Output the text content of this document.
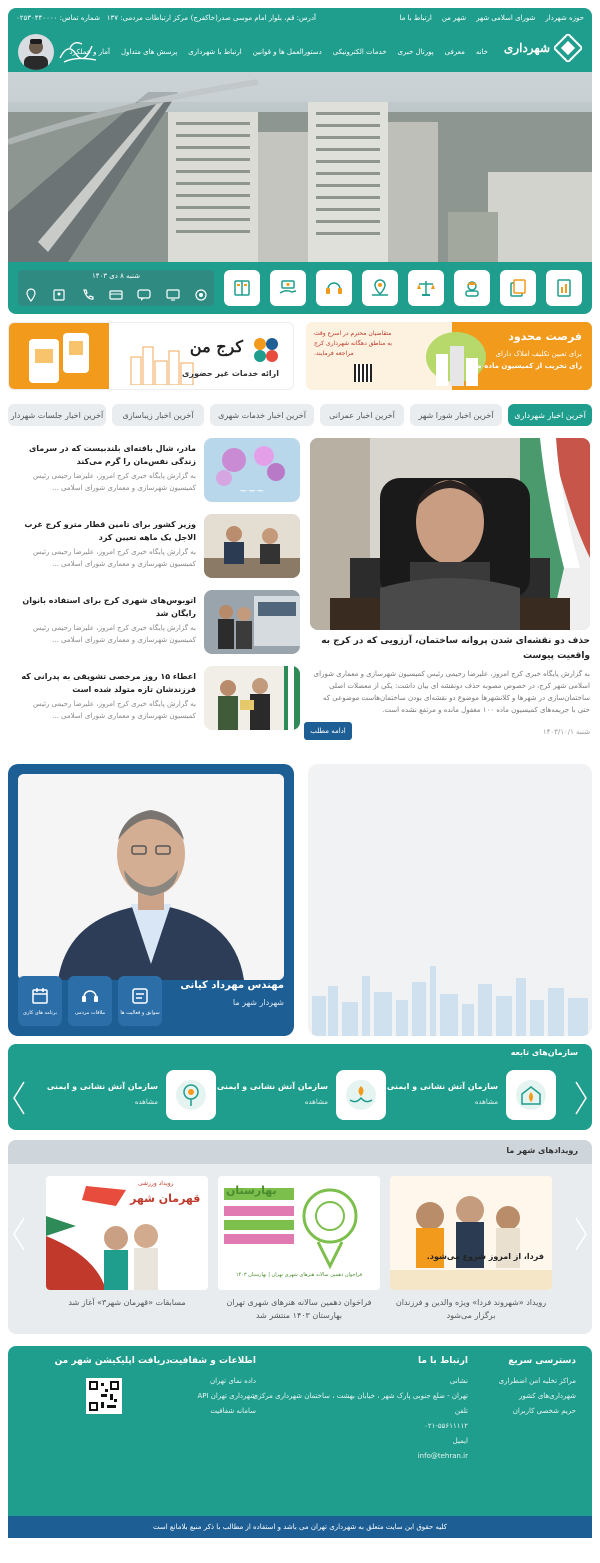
حوزه شهردار
شورای اسلامی شهر
شهر من
ارتباط با ما
آدرس: قم، بلوار امام موسی صدر(خاکفرج)
مرکز ارتباطات مردمی: ۱۳۷
شماره تماس: ۰۲۵۳۰۴۴۰۰۰۰
شهرداری
خانه
معرفی
پورتال خبری
خدمات الکترونیکی
دستورالعمل ها و قوانین
ارتباط با شهرداری
پرسش های متداول
آمار و عملکرد
شنبه ۸ دی ۱۴۰۳
فرصت محدود
برای تعیین تکلیف املاک دارای
رای تخریب از کمیسیون ماده صد
متقاضیان محترم در اسرع وقت
به مناطق دهگانه شهرداری کرج
مراجعه فرمایند.
کرج من
ارائه خدمات غیر حضوری
آخرین اخبار شهرداری
آخرین اخبار شورا شهر
آخرین اخبار عمرانی
آخرین اخبار خدمات شهری
آخرین اخبار زیباسازی
آخرین اخبار جلسات شهردار
حذف دو نقشه‌ای شدن پروانه ساختمان، آرزویی که در کرج به واقعیت پیوست
به گزارش پایگاه خبری کرج امروز، علیرضا رحیمی رئیس کمیسیون شهرسازی و معماری شورای اسلامی شهر کرج، در خصوص مصوبه حذف دونقشه ای بیان داشت: یکی از معضلات اصلی ساختمان‌سازی در شهرها و کلانشهرها موضوع دو نقشه‌ای بودن ساختمان‌هاست موضوعی که حتی با جریمه‌های کمیسیون ماده ۱۰۰ مغفول مانده و مرتفع نشده است.
شنبه ۱۴۰۳/۱۰/۱
ادامه مطلب
~~~
مادر، شال بافته‌ای بلندبیست که در سرمای زندگی نفس‌مان را گرم می‌کند
به گزارش پایگاه خبری کرج امروز، علیرضا رحیمی رئیس کمیسیون شهرسازی و معماری شورای اسلامی ...
وزیر کشور برای تامین قطار مترو کرج غرب الاجل یک ماهه تعیین کرد
به گزارش پایگاه خبری کرج امروز، علیرضا رحیمی رئیس کمیسیون شهرسازی و معماری شورای اسلامی ...
اتوبوس‌های شهری کرج برای استفاده بانوان رایگان شد
به گزارش پایگاه خبری کرج امروز، علیرضا رحیمی رئیس کمیسیون شهرسازی و معماری شورای اسلامی ...
اعطاء ۱۵ روز مرخصی تشویقی به پدرانی که فرزندشان تازه متولد شده است
به گزارش پایگاه خبری کرج امروز، علیرضا رحیمی رئیس کمیسیون شهرسازی و معماری شورای اسلامی ...
مهندس مهرداد کیانی
شهردار شهر ما
سوابق و فعالیت ها
ملاقات مردمی
برنامه های کاری
سازمان‌های تابعه
سازمان آتش نشانی و ایمنی
مشاهده
سازمان آتش نشانی و ایمنی
مشاهده
سازمان آتش نشانی و ایمنی
مشاهده
رویدادهای شهر ما
فردا، از امروز شروع می‌شود.
رویداد «شهروند فردا» ویژه والدین و فرزندان برگزار می‌شود
بهارستان
فراخوان دهمین سالانه هنرهای شهری تهران | بهارستان ۱۴۰۳
فراخوان دهمین سالانه هنرهای شهری تهران بهارستان ۱۴۰۳ منتشر شد
قهرمان شهر
رویداد ورزشی
مسابقات «قهرمان شهر۳» آغاز شد
دسترسی سریع
مراکز تخلیه امن اضطراری
شهرداری‌های کشور
حریم شخصی کاربران
ارتباط با ما
نشانی
تهران - ضلع جنوبی پارک شهر ، خیابان بهشت ، ساختمان شهرداری مرکزی
تلفن
۰۲۱-۵۵۶۱۱۱۱۲
ایمیل
info@tehran.ir
اطلاعات و شفافیت
داده نمای تهران
شهرداری تهران API
سامانه شفافیت
دریافت اپلیکیشن شهر من
کلیه حقوق این سایت متعلق به شهرداری تهران می باشد و استفاده از مطالب با ذکر منبع بلامانع است
